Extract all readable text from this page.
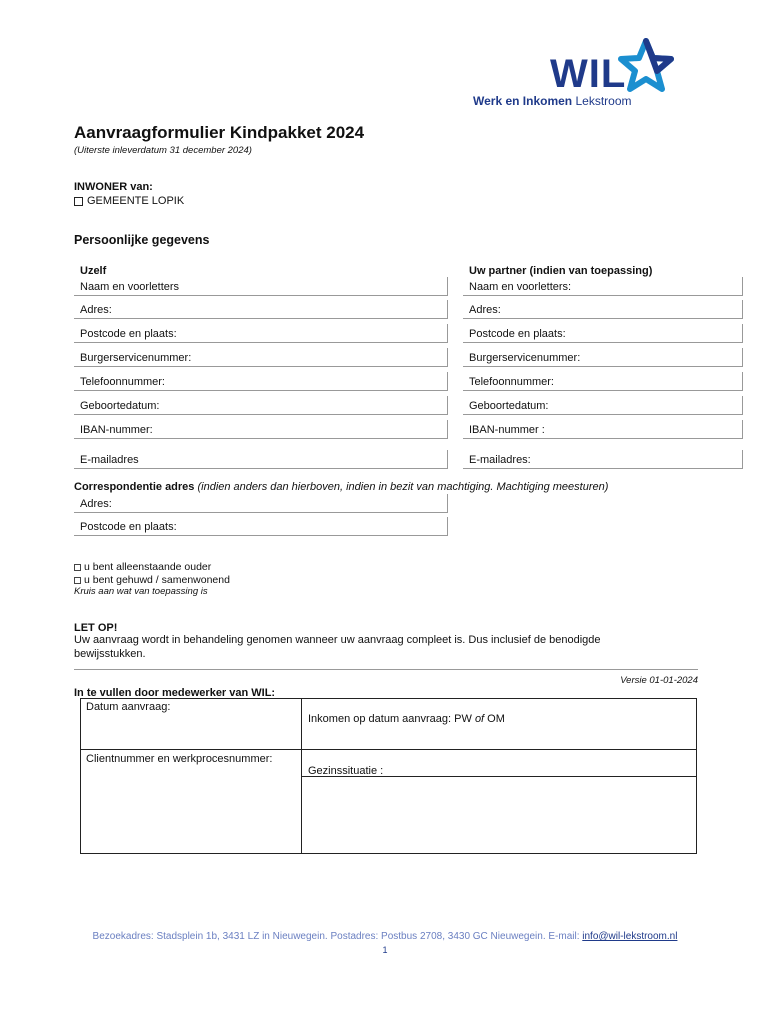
WIL
Werk en Inkomen Lekstroom
Aanvraagformulier Kindpakket 2024
(Uiterste inleverdatum 31 december 2024)
INWONER van:
GEMEENTE LOPIK
Persoonlijke gegevens
Uzelf	Uw partner (indien van toepassing)
Naam en voorletters
Adres:
Postcode en plaats:
Burgerservicenummer:
Telefoonnummer:
Geboortedatum:
IBAN-nummer:
E-mailadres
Naam en voorletters:
Adres:
Postcode en plaats:
Burgerservicenummer:
Telefoonnummer:
Geboortedatum:
IBAN-nummer :
E-mailadres:
Correspondentie adres (indien anders dan hierboven, indien in bezit van machtiging. Machtiging meesturen)
Adres:
Postcode en plaats:
u bent alleenstaande ouder
u bent gehuwd / samenwonend
Kruis aan wat van toepassing is
LET OP!
Uw aanvraag wordt in behandeling genomen wanneer uw aanvraag compleet is. Dus inclusief de benodigde
bewijsstukken.
Versie 01-01-2024
In te vullen door medewerker van WIL:
Datum aanvraag:
Inkomen op datum aanvraag: PW of OM
Clientnummer en werkprocesnummer:
Gezinssituatie :
Bezoekadres: Stadsplein 1b, 3431 LZ in Nieuwegein. Postadres: Postbus 2708, 3430 GC Nieuwegein. E-mail: info@wil-lekstroom.nl
1
